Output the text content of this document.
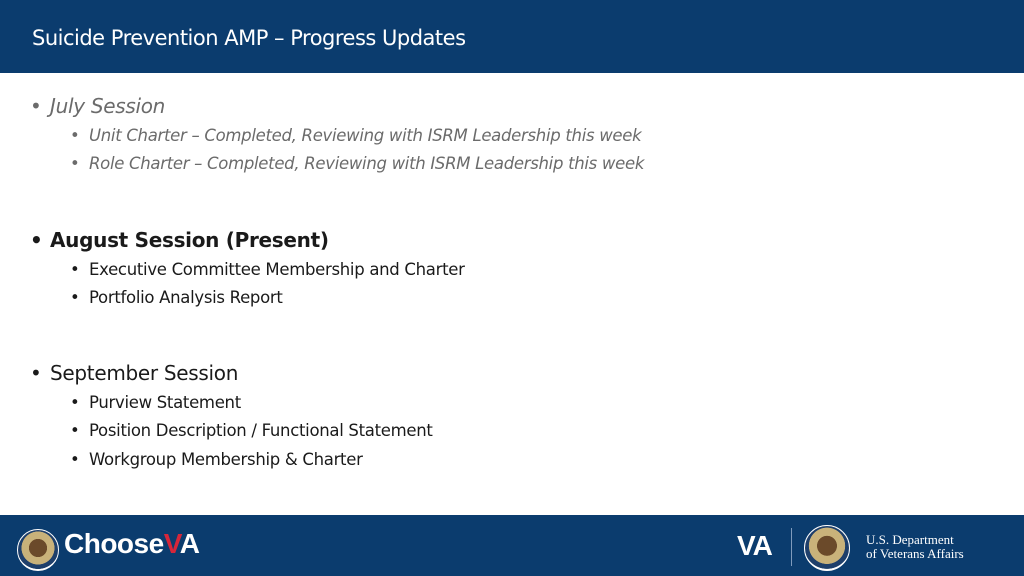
Suicide Prevention AMP – Progress Updates
• July Session
• Unit Charter – Completed, Reviewing with ISRM Leadership this week
• Role Charter – Completed, Reviewing with ISRM Leadership this week
• August Session (Present)
• Executive Committee Membership and Charter
• Portfolio Analysis Report
• September Session
• Purview Statement
• Position Description / Functional Statement
• Workgroup Membership & Charter
ChooseVA	VA	U.S. Department
of Veterans Affairs
